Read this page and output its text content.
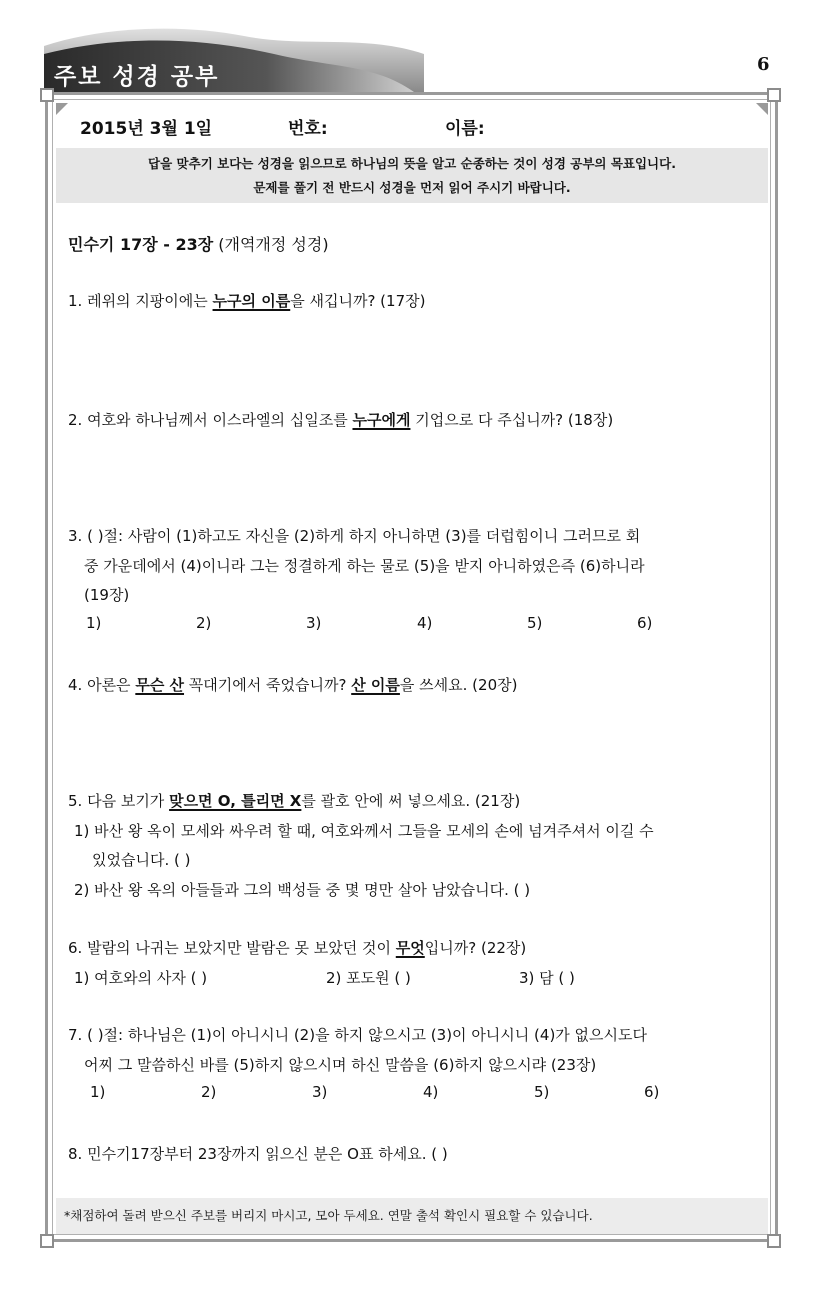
주보 성경 공부	6
2015년 3월 1일	번호:	이름:
답을 맞추기 보다는 성경을 읽으므로 하나님의 뜻을 알고 순종하는 것이 성경 공부의 목표입니다.
문제를 풀기 전 반드시 성경을 먼저 읽어 주시기 바랍니다.
민수기 17장 - 23장 (개역개정 성경)
1. 레위의 지팡이에는 누구의 이름을 새깁니까? (17장)
2. 여호와 하나님께서 이스라엘의 십일조를 누구에게 기업으로 다 주십니까? (18장)
3. ( )절: 사람이 (1)하고도 자신을 (2)하게 하지 아니하면 (3)를 더럽힘이니 그러므로 회
중 가운데에서 (4)이니라 그는 정결하게 하는 물로 (5)을 받지 아니하였은즉 (6)하니라
(19장)
1)	2)	3)	4)	5)	6)
4. 아론은 무슨 산 꼭대기에서 죽었습니까? 산 이름을 쓰세요. (20장)
5. 다음 보기가 맞으면 O, 틀리면 X를 괄호 안에 써 넣으세요. (21장)
1) 바산 왕 옥이 모세와 싸우려 할 때, 여호와께서 그들을 모세의 손에 넘겨주셔서 이길 수
있었습니다. ( )
2) 바산 왕 옥의 아들들과 그의 백성들 중 몇 명만 살아 남았습니다. ( )
6. 발람의 나귀는 보았지만 발람은 못 보았던 것이 무엇입니까? (22장)
1) 여호와의 사자 ( )	2) 포도원 ( )	3) 담 ( )
7. ( )절: 하나님은 (1)이 아니시니 (2)을 하지 않으시고 (3)이 아니시니 (4)가 없으시도다
어찌 그 말씀하신 바를 (5)하지 않으시며 하신 말씀을 (6)하지 않으시랴 (23장)
1)	2)	3)	4)	5)	6)
8. 민수기17장부터 23장까지 읽으신 분은 O표 하세요. ( )
*채점하여 돌려 받으신 주보를 버리지 마시고, 모아 두세요. 연말 출석 확인시 필요할 수 있습니다.
